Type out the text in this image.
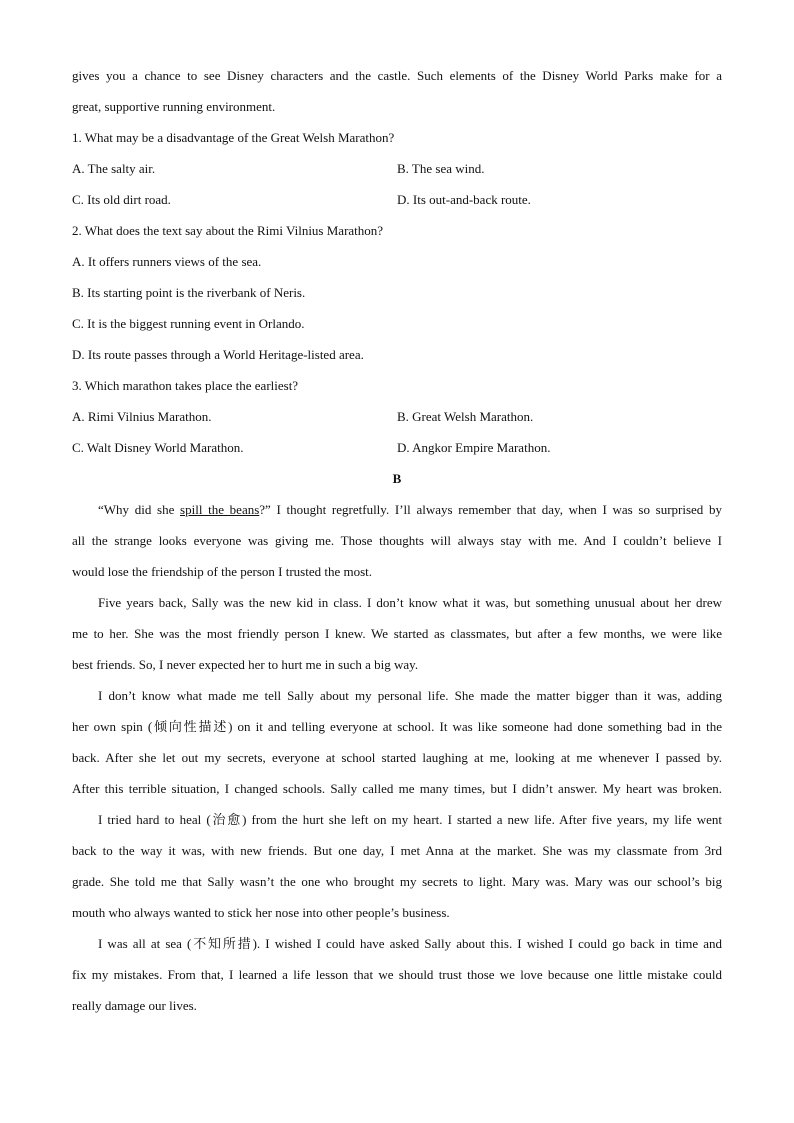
gives you a chance to see Disney characters and the castle. Such elements of the Disney World Parks make for a
great, supportive running environment.
1. What may be a disadvantage of the Great Welsh Marathon?
A. The salty air.	B. The sea wind.
C. Its old dirt road.	D. Its out-and-back route.
2. What does the text say about the Rimi Vilnius Marathon?
A. It offers runners views of the sea.
B. Its starting point is the riverbank of Neris.
C. It is the biggest running event in Orlando.
D. Its route passes through a World Heritage-listed area.
3. Which marathon takes place the earliest?
A. Rimi Vilnius Marathon.	B. Great Welsh Marathon.
C. Walt Disney World Marathon.	D. Angkor Empire Marathon.
B
“Why did she spill the beans?” I thought regretfully. I’ll always remember that day, when I was so surprised by
all the strange looks everyone was giving me. Those thoughts will always stay with me. And I couldn’t believe I
would lose the friendship of the person I trusted the most.
Five years back, Sally was the new kid in class. I don’t know what it was, but something unusual about her drew
me to her. She was the most friendly person I knew. We started as classmates, but after a few months, we were like
best friends. So, I never expected her to hurt me in such a big way.
I don’t know what made me tell Sally about my personal life. She made the matter bigger than it was, adding
her own spin (倾向性描述) on it and telling everyone at school. It was like someone had done something bad in the
back. After she let out my secrets, everyone at school started laughing at me, looking at me whenever I passed by.
After this terrible situation, I changed schools. Sally called me many times, but I didn’t answer. My heart was broken.
I tried hard to heal (治愈) from the hurt she left on my heart. I started a new life. After five years, my life went
back to the way it was, with new friends. But one day, I met Anna at the market. She was my classmate from 3rd
grade. She told me that Sally wasn’t the one who brought my secrets to light. Mary was. Mary was our school’s big
mouth who always wanted to stick her nose into other people’s business.
I was all at sea (不知所措). I wished I could have asked Sally about this. I wished I could go back in time and
fix my mistakes. From that, I learned a life lesson that we should trust those we love because one little mistake could
really damage our lives.
